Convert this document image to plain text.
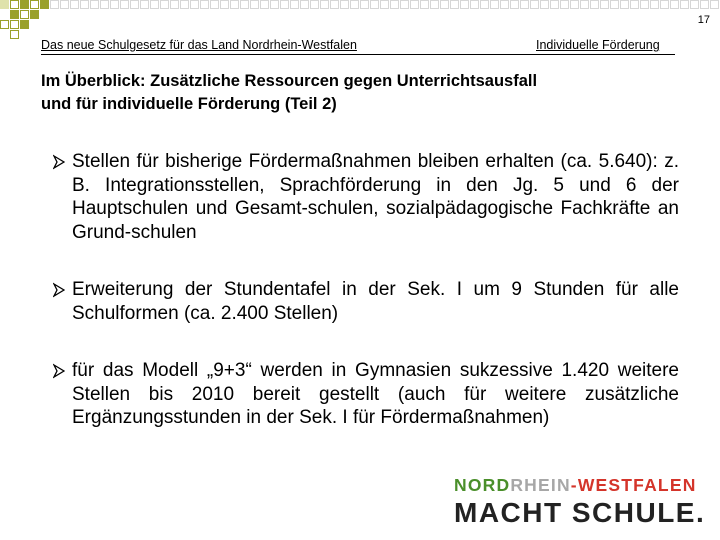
17
Das neue Schulgesetz für das Land Nordrhein-Westfalen	Individuelle Förderung
Im Überblick: Zusätzliche Ressourcen gegen Unterrichtsausfall
und für individuelle Förderung (Teil 2)
Stellen für bisherige Fördermaßnahmen bleiben erhalten (ca. 5.640): z. B. Integrationsstellen, Sprachförderung in den Jg. 5 und 6 der Hauptschulen und Gesamt-schulen, sozialpädagogische Fachkräfte an Grund-schulen
Erweiterung der Stundentafel in der Sek. I um 9 Stunden für alle Schulformen (ca. 2.400 Stellen)
für das Modell „9+3“ werden in Gymnasien sukzessive 1.420 weitere Stellen bis 2010 bereit gestellt (auch für weitere zusätzliche Ergänzungsstunden in der Sek. I für Fördermaßnahmen)
NORDRHEIN-WESTFALEN
MACHT SCHULE.
